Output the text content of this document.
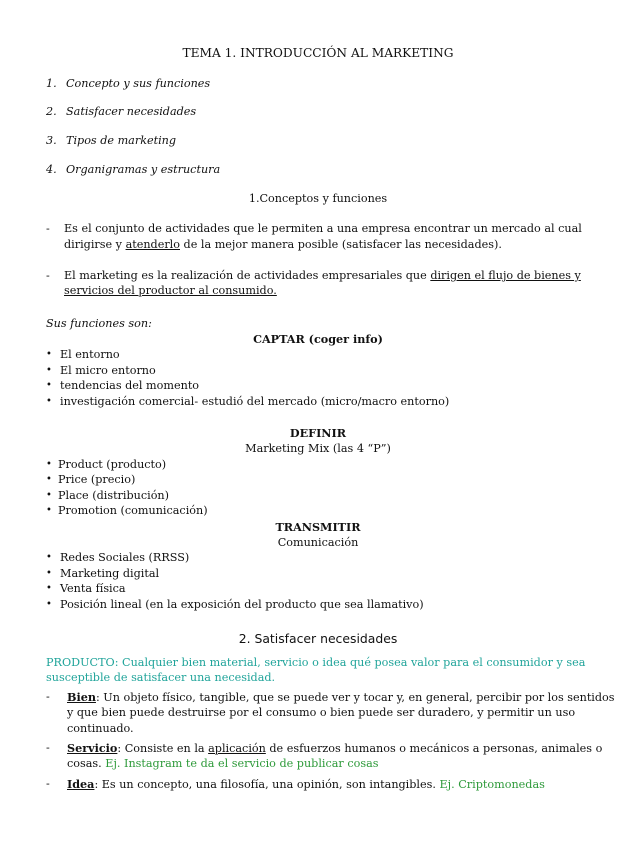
TEMA 1. INTRODUCCIÓN AL MARKETING
1. Concepto y sus funciones
2. Satisfacer necesidades
3. Tipos de marketing
4. Organigramas y estructura
1.Conceptos y funciones
- Es el conjunto de actividades que le permiten a una empresa encontrar un mercado al cual
dirigirse y atenderlo de la mejor manera posible (satisfacer las necesidades).
- El marketing es la realización de actividades empresariales que dirigen el flujo de bienes y
servicios del productor al consumido.
Sus funciones son:
CAPTAR (coger info)
• El entorno
• El micro entorno
• tendencias del momento
• investigación comercial- estudió del mercado (micro/macro entorno)
DEFINIR
Marketing Mix (las 4 “P”)
• Product (producto)
• Price (precio)
• Place (distribución)
• Promotion (comunicación)
TRANSMITIR
Comunicación
• Redes Sociales (RRSS)
• Marketing digital
• Venta física
• Posición lineal (en la exposición del producto que sea llamativo)
2. Satisfacer necesidades
PRODUCTO: Cualquier bien material, servicio o idea qué posea valor para el consumidor y sea
susceptible de satisfacer una necesidad.
- Bien: Un objeto físico, tangible, que se puede ver y tocar y, en general, percibir por los sentidos
y que bien puede destruirse por el consumo o bien puede ser duradero, y permitir un uso
continuado.
- Servicio: Consiste en la aplicación de esfuerzos humanos o mecánicos a personas, animales o
cosas. Ej. Instagram te da el servicio de publicar cosas
- Idea: Es un concepto, una filosofía, una opinión, son intangibles. Ej. Criptomonedas
